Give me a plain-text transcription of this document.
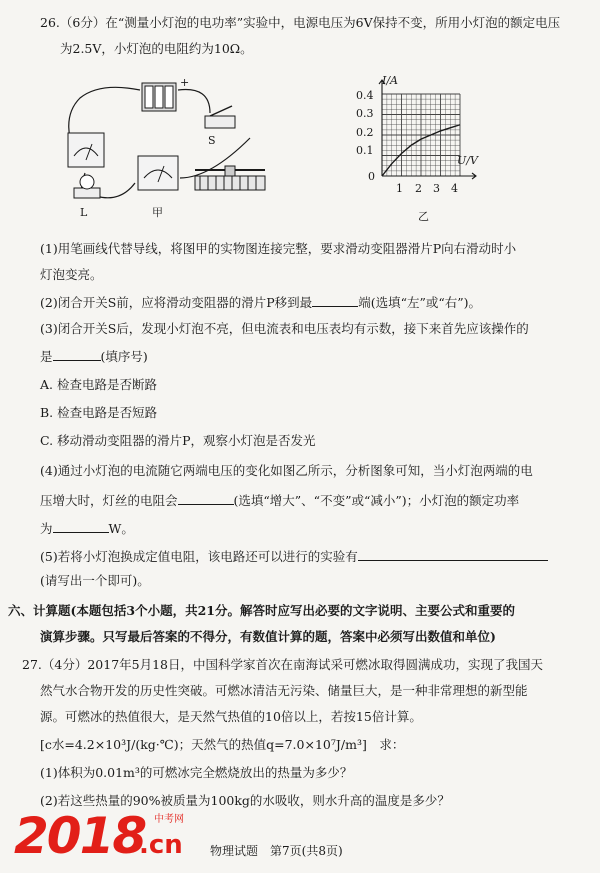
26.（6分）在“测量小灯泡的电功率”实验中，电源电压为6V保持不变，所用小灯泡的额定电压
为2.5V，小灯泡的电阻约为10Ω。
+
S
L	甲
I/A
U/V
0.4
0.3
0.2
0.1
0
1 2 3 4
乙
(1)用笔画线代替导线，将图甲的实物图连接完整，要求滑动变阻器滑片P向右滑动时小
灯泡变亮。
(2)闭合开关S前，应将滑动变阻器的滑片P移到最	端(选填“左”或“右”)。
(3)闭合开关S后，发现小灯泡不亮，但电流表和电压表均有示数，接下来首先应该操作的
是	(填序号)
A. 检查电路是否断路
B. 检查电路是否短路
C. 移动滑动变阻器的滑片P，观察小灯泡是否发光
(4)通过小灯泡的电流随它两端电压的变化如图乙所示，分析图象可知，当小灯泡两端的电
压增大时，灯丝的电阻会	(选填“增大”、“不变”或“减小”)；小灯泡的额定功率
为	W。
(5)若将小灯泡换成定值电阻，该电路还可以进行的实验有
(请写出一个即可)。
六、计算题(本题包括3个小题，共21分。解答时应写出必要的文字说明、主要公式和重要的
演算步骤。只写最后答案的不得分，有数值计算的题，答案中必须写出数值和单位)
27.（4分）2017年5月18日，中国科学家首次在南海试采可燃冰取得圆满成功，实现了我国天
然气水合物开发的历史性突破。可燃冰清洁无污染、储量巨大，是一种非常理想的新型能
源。可燃冰的热值很大，是天然气热值的10倍以上，若按15倍计算。
[c水=4.2×10³J/(kg·℃)；天然气的热值q=7.0×10⁷J/m³]　求：
(1)体积为0.01m³的可燃冰完全燃烧放出的热量为多少？
(2)若这些热量的90%被质量为100kg的水吸收，则水升高的温度是多少？
2018 中考网
.cn 物理试题　第7页(共8页)
